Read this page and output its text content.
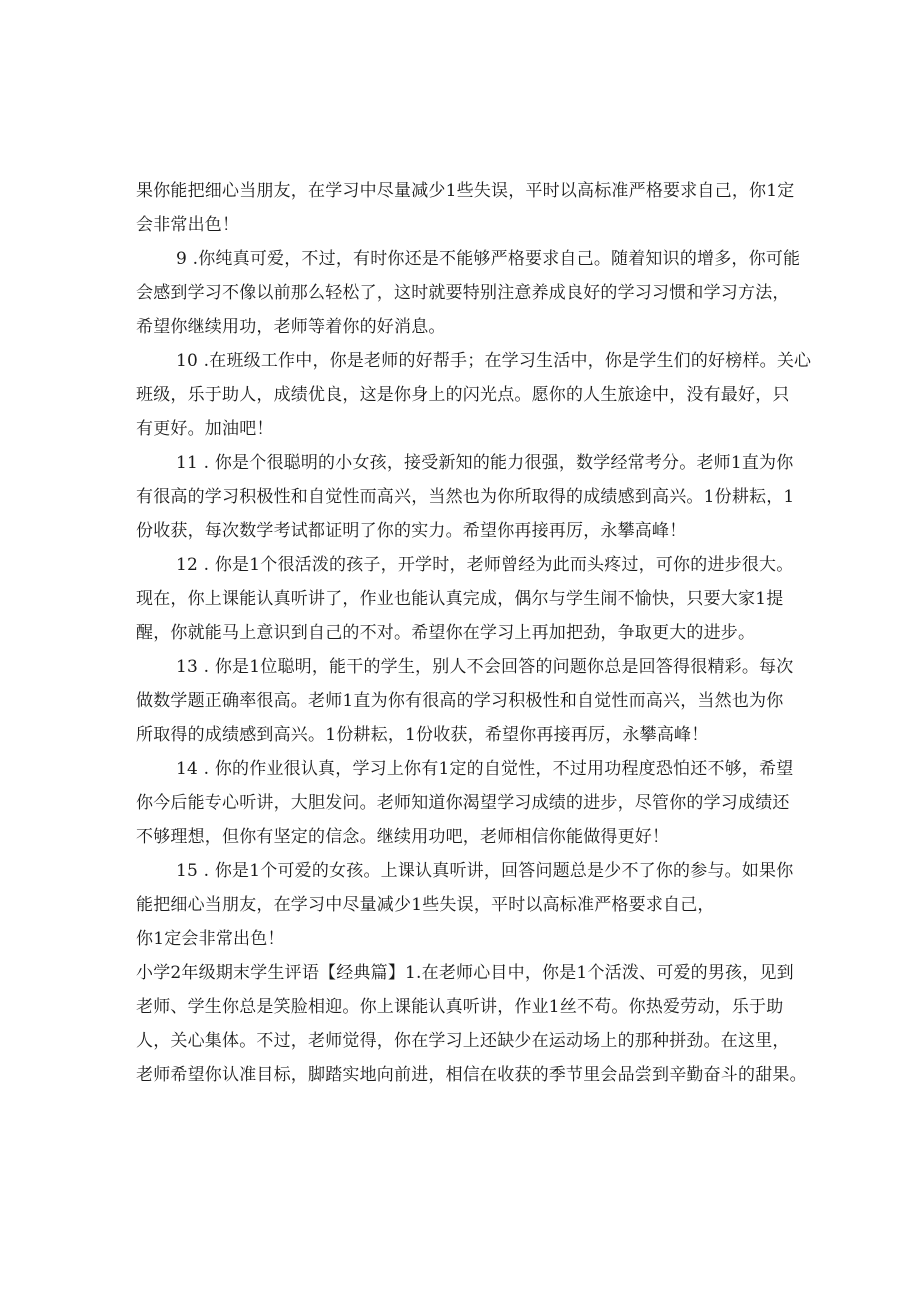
果你能把细心当朋友，在学习中尽量减少1些失误，平时以高标准严格要求自己，你1定
会非常出色！
9 .你纯真可爱，不过，有时你还是不能够严格要求自己。随着知识的增多，你可能
会感到学习不像以前那么轻松了，这时就要特别注意养成良好的学习习惯和学习方法，
希望你继续用功，老师等着你的好消息。
10 .在班级工作中，你是老师的好帮手；在学习生活中，你是学生们的好榜样。关心
班级，乐于助人，成绩优良，这是你身上的闪光点。愿你的人生旅途中，没有最好，只
有更好。加油吧！
11 . 你是个很聪明的小女孩，接受新知的能力很强，数学经常考分。老师1直为你
有很高的学习积极性和自觉性而高兴，当然也为你所取得的成绩感到高兴。1份耕耘，1
份收获，每次数学考试都证明了你的实力。希望你再接再厉，永攀高峰！
12 . 你是1个很活泼的孩子，开学时，老师曾经为此而头疼过，可你的进步很大。
现在，你上课能认真听讲了，作业也能认真完成，偶尔与学生闹不愉快，只要大家1提
醒，你就能马上意识到自己的不对。希望你在学习上再加把劲，争取更大的进步。
13 . 你是1位聪明，能干的学生，别人不会回答的问题你总是回答得很精彩。每次
做数学题正确率很高。老师1直为你有很高的学习积极性和自觉性而高兴，当然也为你
所取得的成绩感到高兴。1份耕耘，1份收获，希望你再接再厉，永攀高峰！
14 . 你的作业很认真，学习上你有1定的自觉性，不过用功程度恐怕还不够，希望
你今后能专心听讲，大胆发问。老师知道你渴望学习成绩的进步，尽管你的学习成绩还
不够理想，但你有坚定的信念。继续用功吧，老师相信你能做得更好！
15 . 你是1个可爱的女孩。上课认真听讲，回答问题总是少不了你的参与。如果你
能把细心当朋友，在学习中尽量减少1些失误，平时以高标准严格要求自己，
你1定会非常出色！
小学2年级期末学生评语【经典篇】1.在老师心目中，你是1个活泼、可爱的男孩，见到
老师、学生你总是笑脸相迎。你上课能认真听讲，作业1丝不苟。你热爱劳动，乐于助
人，关心集体。不过，老师觉得，你在学习上还缺少在运动场上的那种拼劲。在这里，
老师希望你认准目标，脚踏实地向前进，相信在收获的季节里会品尝到辛勤奋斗的甜果。
